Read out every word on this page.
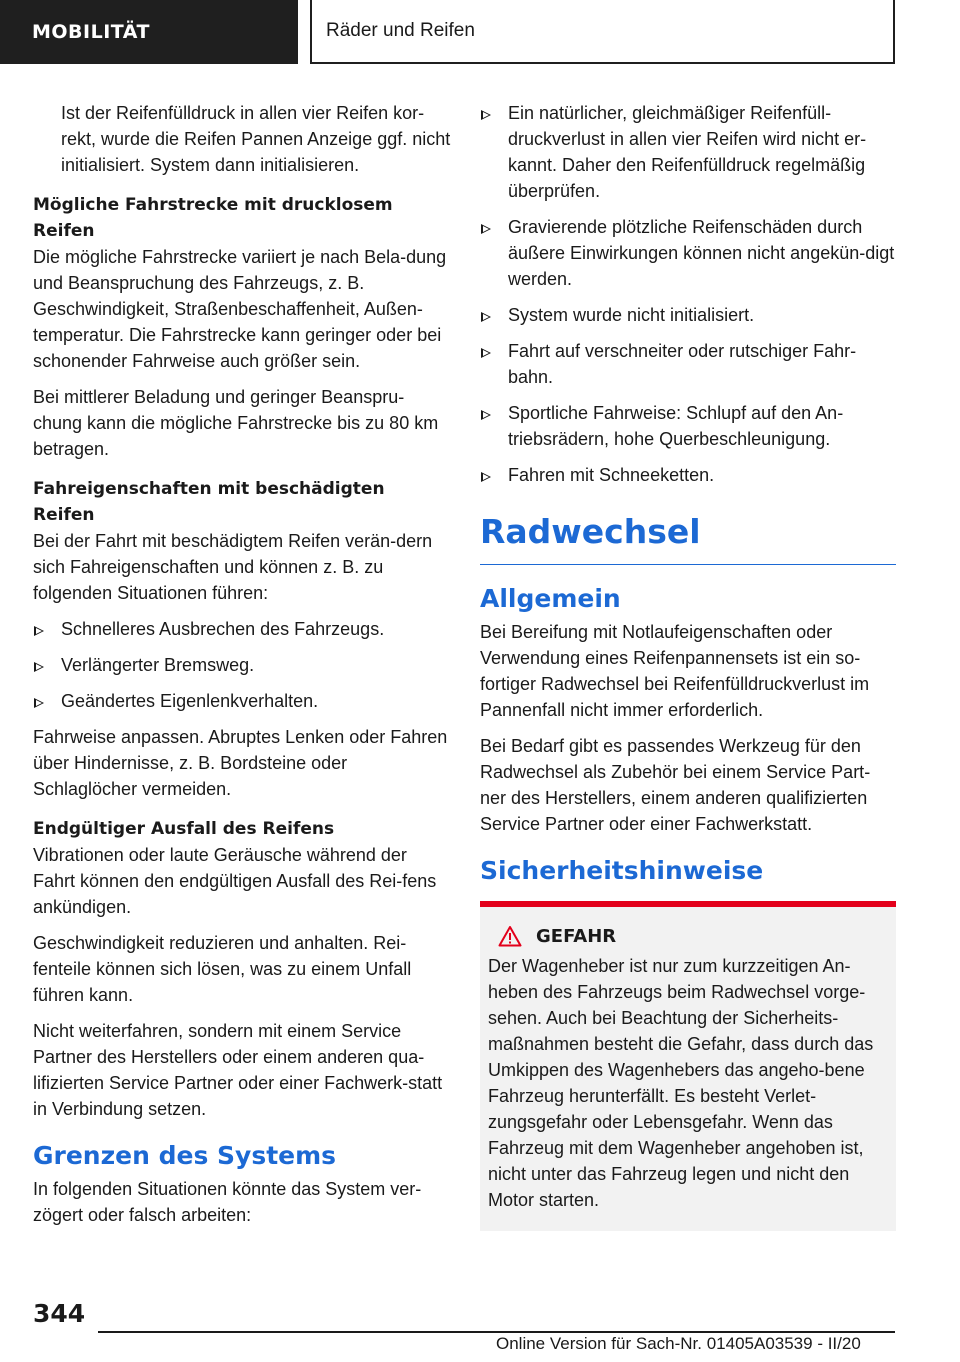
MOBILITÄT	Räder und Reifen

Ist der Reifenfülldruck in allen vier Reifen kor-rekt, wurde die Reifen Pannen Anzeige ggf. nicht initialisiert. System dann initialisieren.

Mögliche Fahrstrecke mit drucklosem Reifen

Die mögliche Fahrstrecke variiert je nach Bela-dung und Beanspruchung des Fahrzeugs, z. B. Geschwindigkeit, Straßenbeschaffenheit, Außen-temperatur. Die Fahrstrecke kann geringer oder bei schonender Fahrweise auch größer sein.

Bei mittlerer Beladung und geringer Beanspru-chung kann die mögliche Fahrstrecke bis zu 80 km betragen.

Fahreigenschaften mit beschädigten Reifen

Bei der Fahrt mit beschädigtem Reifen verän-dern sich Fahreigenschaften und können z. B. zu folgenden Situationen führen:

Schnelleres Ausbrechen des Fahrzeugs.
Verlängerter Bremsweg.
Geändertes Eigenlenkverhalten.

Fahrweise anpassen. Abruptes Lenken oder Fahren über Hindernisse, z. B. Bordsteine oder Schlaglöcher vermeiden.

Endgültiger Ausfall des Reifens

Vibrationen oder laute Geräusche während der Fahrt können den endgültigen Ausfall des Rei-fens ankündigen.

Geschwindigkeit reduzieren und anhalten. Rei-fenteile können sich lösen, was zu einem Unfall führen kann.

Nicht weiterfahren, sondern mit einem Service Partner des Herstellers oder einem anderen qua-lifizierten Service Partner oder einer Fachwerk-statt in Verbindung setzen.

Grenzen des Systems

In folgenden Situationen könnte das System ver-zögert oder falsch arbeiten:

Ein natürlicher, gleichmäßiger Reifenfüll-druckverlust in allen vier Reifen wird nicht er-kannt. Daher den Reifenfülldruck regelmäßig überprüfen.
Gravierende plötzliche Reifenschäden durch äußere Einwirkungen können nicht angekün-digt werden.
System wurde nicht initialisiert.
Fahrt auf verschneiter oder rutschiger Fahr-bahn.
Sportliche Fahrweise: Schlupf auf den An-triebsrädern, hohe Querbeschleunigung.
Fahren mit Schneeketten.
Radwechsel
Allgemein

Bei Bereifung mit Notlaufeigenschaften oder Verwendung eines Reifenpannensets ist ein so-fortiger Radwechsel bei Reifenfülldruckverlust im Pannenfall nicht immer erforderlich.

Bei Bedarf gibt es passendes Werkzeug für den Radwechsel als Zubehör bei einem Service Part-ner des Herstellers, einem anderen qualifizierten Service Partner oder einer Fachwerkstatt.

Sicherheitshinweise
GEFAHR

Der Wagenheber ist nur zum kurzzeitigen An-heben des Fahrzeugs beim Radwechsel vorge-sehen. Auch bei Beachtung der Sicherheits-maßnahmen besteht die Gefahr, dass durch das Umkippen des Wagenhebers das angeho-bene Fahrzeug herunterfällt. Es besteht Verlet-zungsgefahr oder Lebensgefahr. Wenn das Fahrzeug mit dem Wagenheber angehoben ist, nicht unter das Fahrzeug legen und nicht den Motor starten.

344
Online Version für Sach-Nr. 01405A03539 - II/20
